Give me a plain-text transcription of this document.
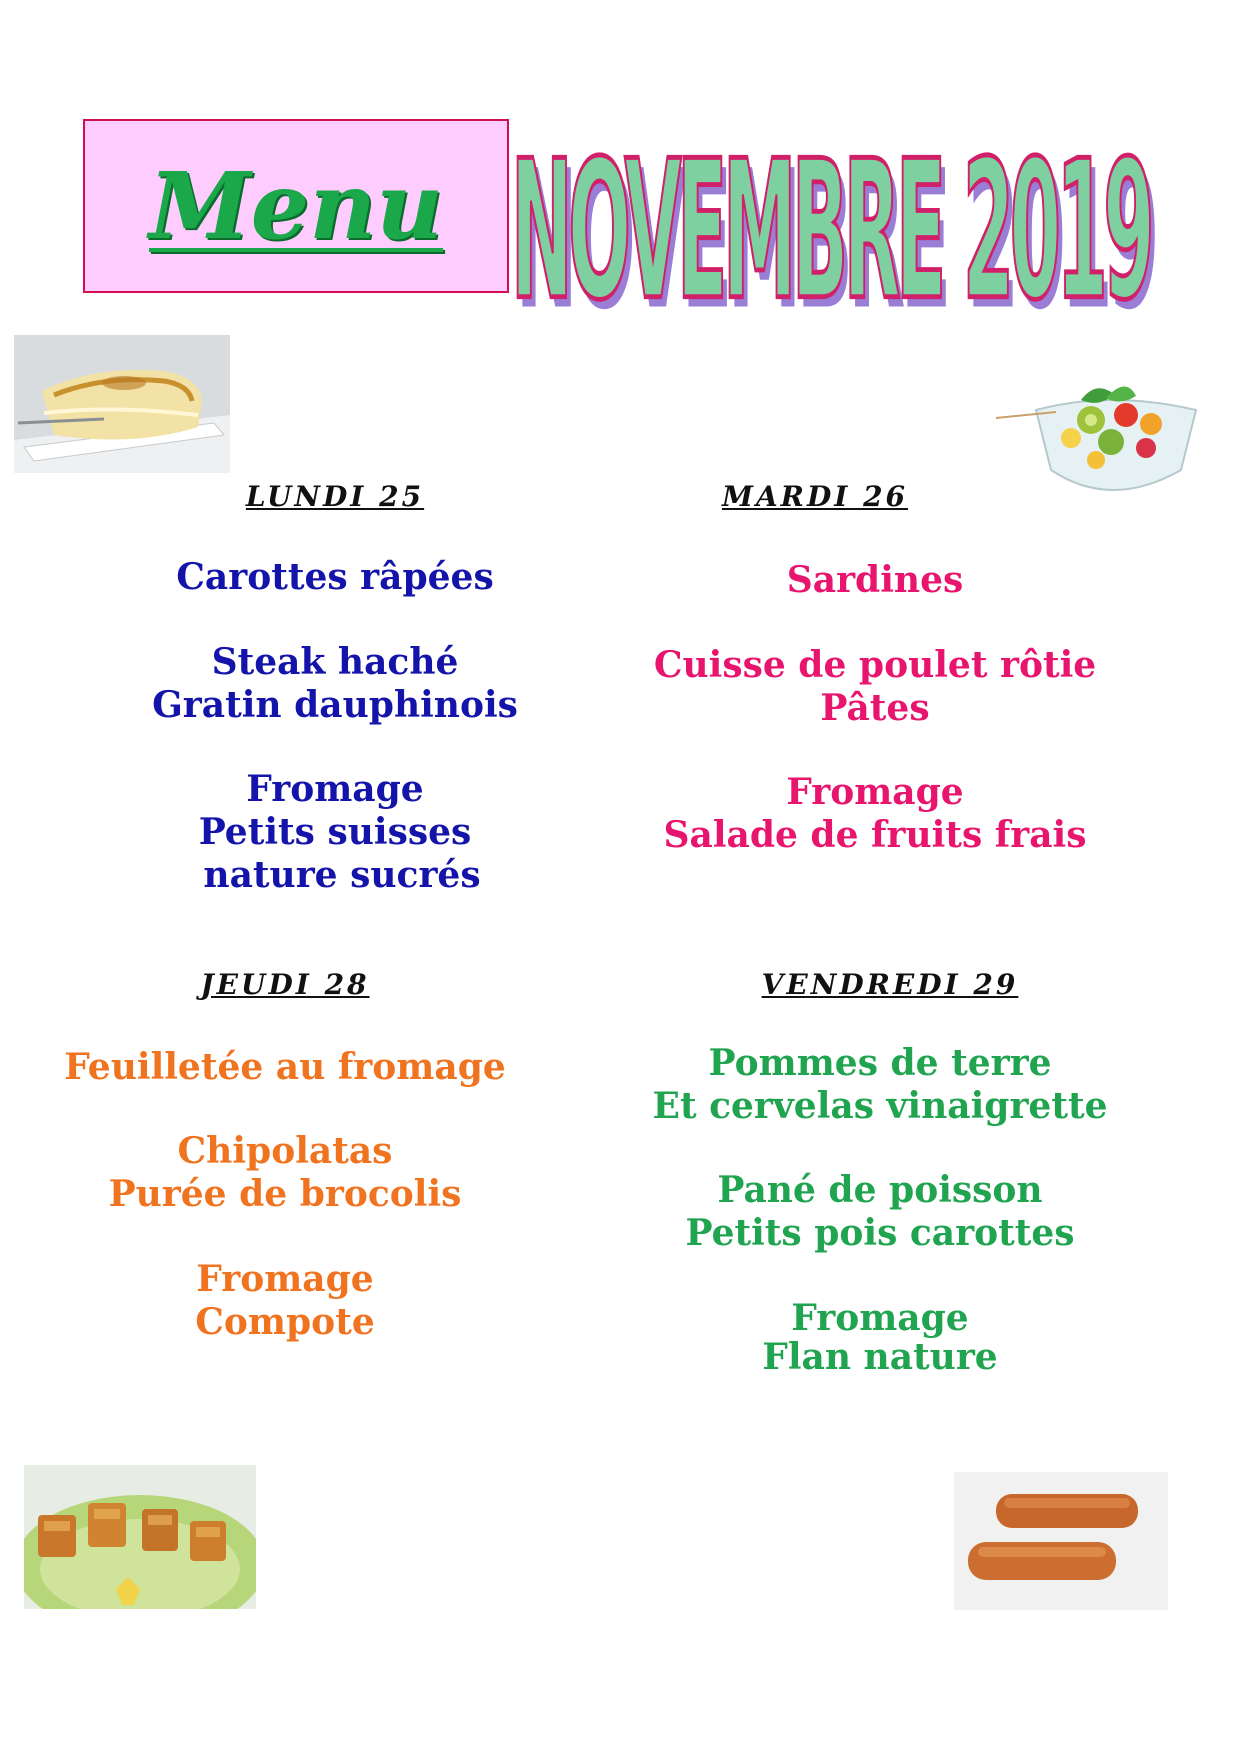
Menu NOVEMBRE 2019
LUNDI 25
Carottes râpées
Steak haché
Gratin dauphinois
Fromage
Petits suisses
nature sucrés
MARDI 26
Sardines
Cuisse de poulet rôtie
Pâtes
Fromage
Salade de fruits frais
JEUDI 28
Feuilletée au fromage
Chipolatas
Purée de brocolis
Fromage
Compote
VENDREDI 29
Pommes de terre
Et cervelas vinaigrette
Pané de poisson
Petits pois carottes
Fromage
Flan nature
